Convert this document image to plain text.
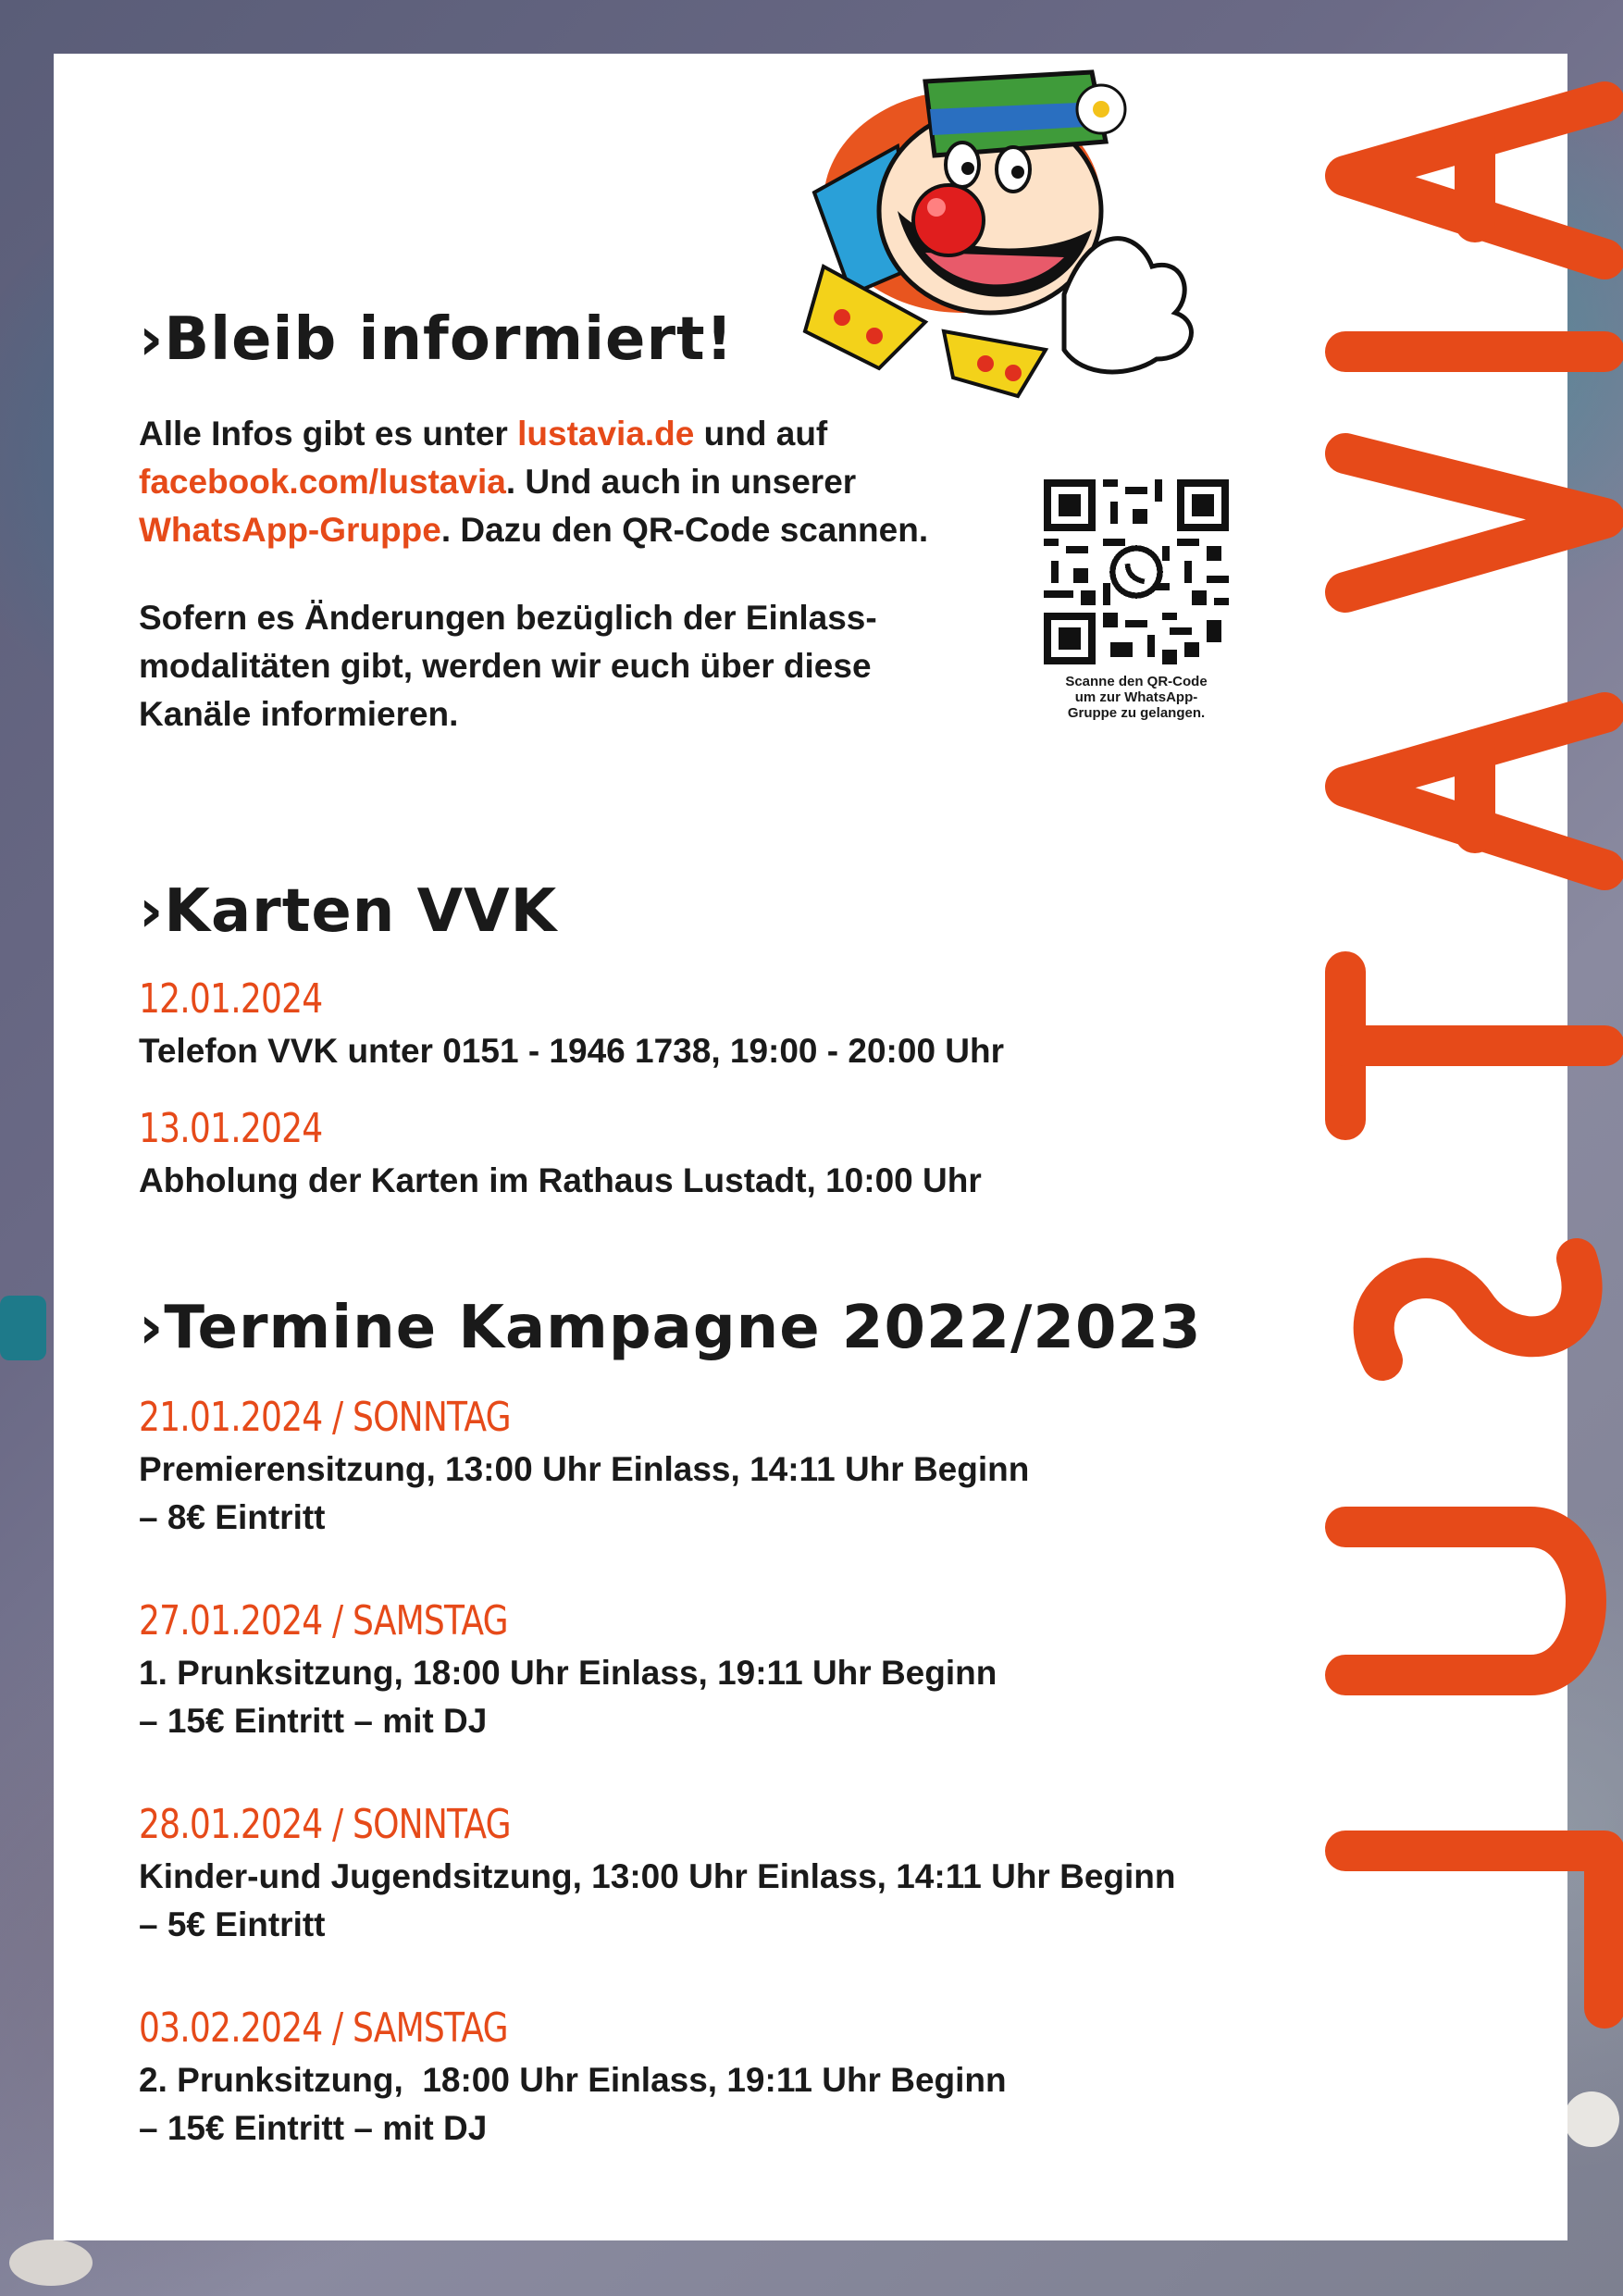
›Bleib informiert!

Alle Infos gibt es unter lustavia.de und auf
facebook.com/lustavia. Und auch in unserer
WhatsApp-Gruppe. Dazu den QR-Code scannen.

Sofern es Änderungen bezüglich der Einlass-
modalitäten gibt, werden wir euch über diese
Kanäle informieren.

Scanne den QR-Code
um zur WhatsApp-
Gruppe zu gelangen.
›Karten VVK
12.01.2024
Telefon VVK unter 0151 - 1946 1738, 19:00 - 20:00 Uhr
13.01.2024
Abholung der Karten im Rathaus Lustadt, 10:00 Uhr
›Termine Kampagne 2022/2023
21.01.2024 / SONNTAG
Premierensitzung, 13:00 Uhr Einlass, 14:11 Uhr Beginn
– 8€ Eintritt
27.01.2024 / SAMSTAG
1. Prunksitzung, 18:00 Uhr Einlass, 19:11 Uhr Beginn
– 15€ Eintritt – mit DJ
28.01.2024 / SONNTAG
Kinder-und Jugendsitzung, 13:00 Uhr Einlass, 14:11 Uhr Beginn
– 5€ Eintritt
03.02.2024 / SAMSTAG
2. Prunksitzung,  18:00 Uhr Einlass, 19:11 Uhr Beginn
– 15€ Eintritt – mit DJ
